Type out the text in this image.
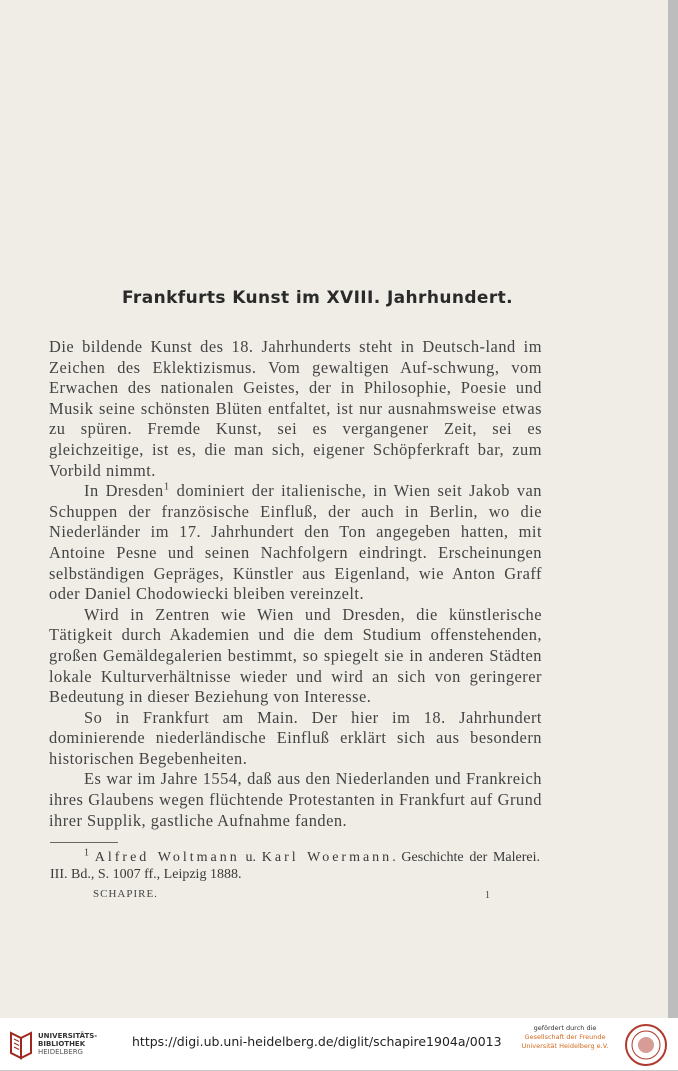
Frankfurts Kunst im XVIII. Jahrhundert.

Die bildende Kunst des 18. Jahrhunderts steht in Deutsch-land im Zeichen des Eklektizismus. Vom gewaltigen Auf-schwung, vom Erwachen des nationalen Geistes, der in Philosophie, Poesie und Musik seine schönsten Blüten entfaltet, ist nur ausnahmsweise etwas zu spüren. Fremde Kunst, sei es vergangener Zeit, sei es gleichzeitige, ist es, die man sich, eigener Schöpferkraft bar, zum Vorbild nimmt.

In Dresden$^1$ dominiert der italienische, in Wien seit Jakob van Schuppen der französische Einfluß, der auch in Berlin, wo die Niederländer im 17. Jahrhundert den Ton angegeben hatten, mit Antoine Pesne und seinen Nachfolgern eindringt. Erscheinungen selbständigen Gepräges, Künstler aus Eigenland, wie Anton Graff oder Daniel Chodowiecki bleiben vereinzelt.

Wird in Zentren wie Wien und Dresden, die künstlerische Tätigkeit durch Akademien und die dem Studium offenstehenden, großen Gemäldegalerien bestimmt, so spiegelt sie in anderen Städten lokale Kulturverhältnisse wieder und wird an sich von geringerer Bedeutung in dieser Beziehung von Interesse.

So in Frankfurt am Main. Der hier im 18. Jahrhundert dominierende niederländische Einfluß erklärt sich aus besondern historischen Begebenheiten.

Es war im Jahre 1554, daß aus den Niederlanden und Frankreich ihres Glaubens wegen flüchtende Protestanten in Frankfurt auf Grund ihrer Supplik, gastliche Aufnahme fanden.

$^1$ Alfred Woltmann u. Karl Woermann. Geschichte der Malerei. III. Bd., S. 1007 ff., Leipzig 1888.
SCHAPIRE.	1
UNIVERSITÄTS-
BIBLIOTHEK
HEIDELBERG
https://digi.ub.uni-heidelberg.de/diglit/schapire1904a/0013
gefördert durch die
Gesellschaft der Freunde
Universität Heidelberg e.V.
